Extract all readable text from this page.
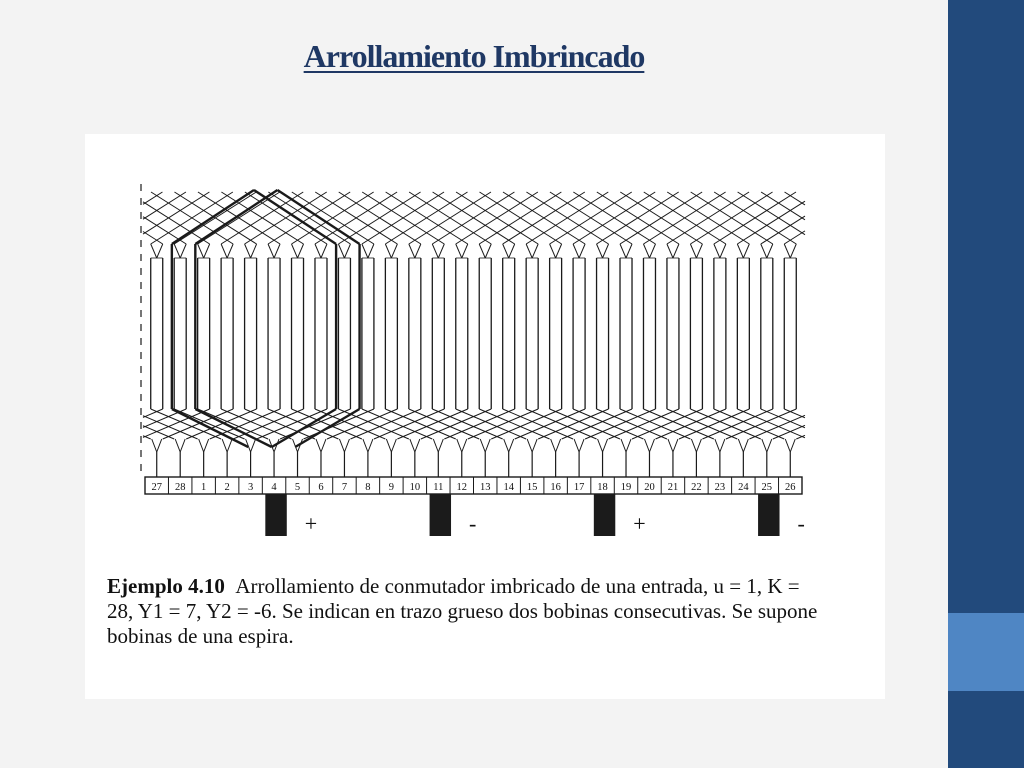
Arrollamiento Imbrincado
27 28 1 2 3 4 5 6 7 8 9 10 11 12 13 14 15 16 17 18 19 20 21 22 23 24 25 26
+	-	+	-
Ejemplo 4.10 Arrollamiento de conmutador imbricado de una entrada, u = 1, K =
28, Y1 = 7, Y2 = -6. Se indican en trazo grueso dos bobinas consecutivas. Se supone
bobinas de una espira.
